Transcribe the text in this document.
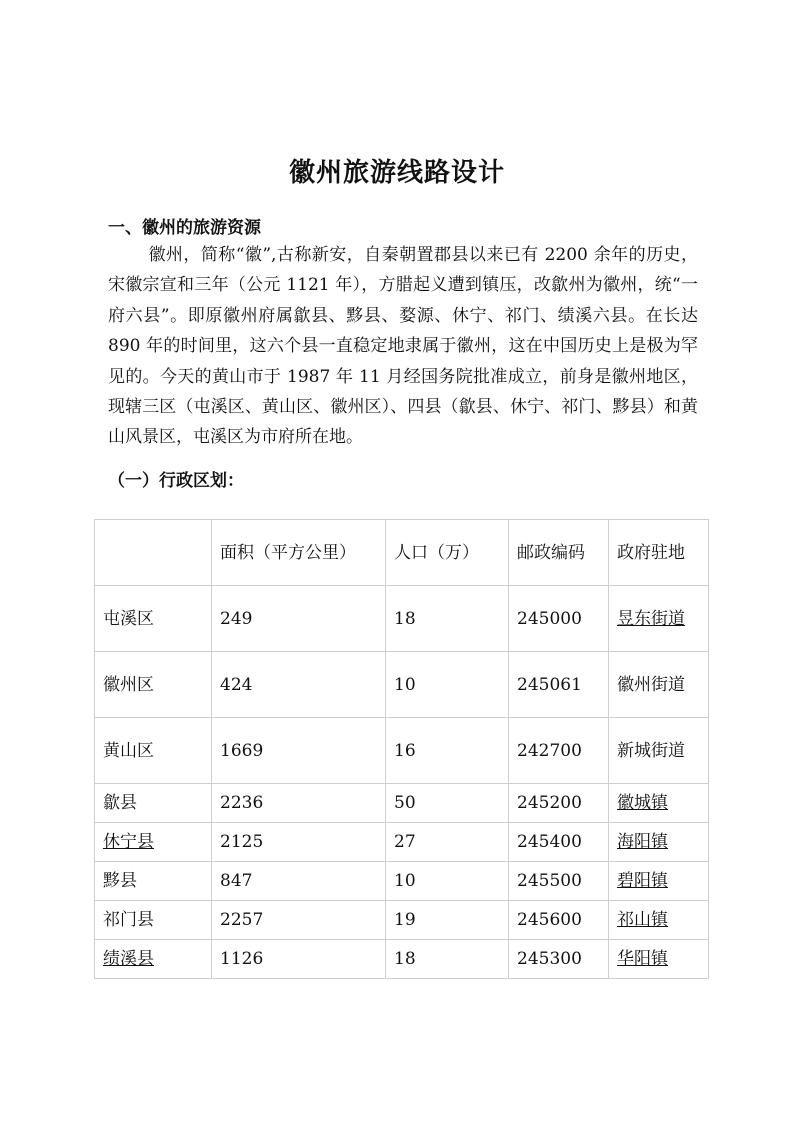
徽州旅游线路设计
一、徽州的旅游资源
徽州，简称“徽”,古称新安，自秦朝置郡县以来已有 2200 余年的历史，宋徽宗宣和三年（公元 1121 年），方腊起义遭到镇压，改歙州为徽州，统“一府六县”。即原徽州府属歙县、黟县、婺源、休宁、祁门、绩溪六县。在长达 890 年的时间里，这六个县一直稳定地隶属于徽州，这在中国历史上是极为罕见的。今天的黄山市于 1987 年 11 月经国务院批准成立，前身是徽州地区，现辖三区（屯溪区、黄山区、徽州区）、四县（歙县、休宁、祁门、黟县）和黄山风景区，屯溪区为市府所在地。
（一）行政区划：
	面积（平方公里）	人口（万）	邮政编码	政府驻地
屯溪区	249	18	245000	昱东街道
徽州区	424	10	245061	徽州街道
黄山区	1669	16	242700	新城街道
歙县	2236	50	245200	徽城镇
休宁县	2125	27	245400	海阳镇
黟县	847	10	245500	碧阳镇
祁门县	2257	19	245600	祁山镇
绩溪县	1126	18	245300	华阳镇
